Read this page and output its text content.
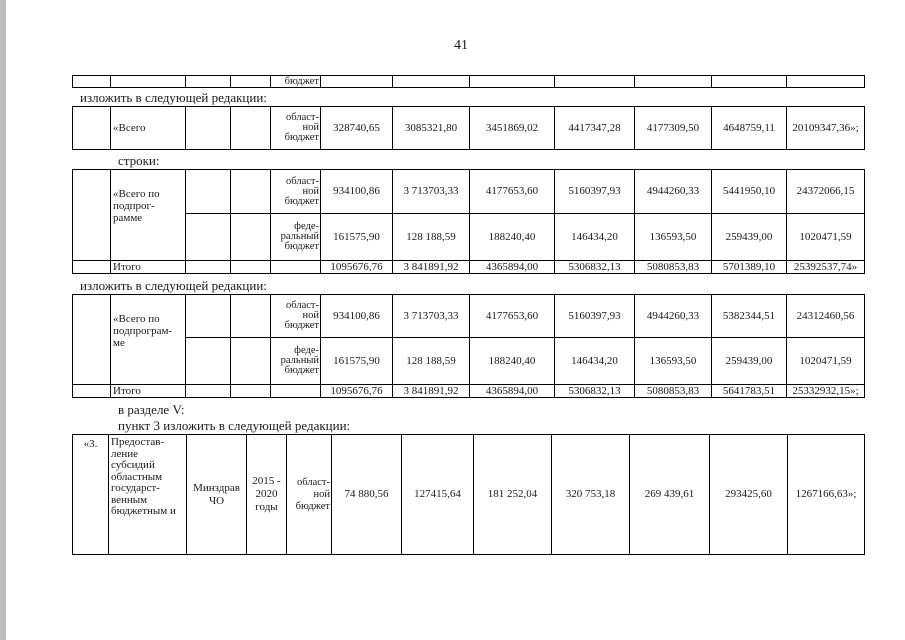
41
				бюджет							
изложить в следующей редакции:
	«Всего			област-ной бюджет	328740,65	3085321,80	3451869,02	4417347,28	4177309,50	4648759,11	20109347,36»;
строки:
	«Всего по подпрог-рамме			област-ной бюджет	934100,86	3 713703,33	4177653,60	5160397,93	4944260,33	5441950,10	24372066,15
				феде-ральный бюджет	161575,90	128 188,59	188240,40	146434,20	136593,50	259439,00	1020471,59
	Итого				1095676,76	3 841891,92	4365894,00	5306832,13	5080853,83	5701389,10	25392537,74»
изложить в следующей редакции:
	«Всего по подпрограм-ме			област-ной бюджет	934100,86	3 713703,33	4177653,60	5160397,93	4944260,33	5382344,51	24312460,56
				феде-ральный бюджет	161575,90	128 188,59	188240,40	146434,20	136593,50	259439,00	1020471,59
	Итого				1095676,76	3 841891,92	4365894,00	5306832,13	5080853,83	5641783,51	25332932,15»;
в разделе V:
пункт 3 изложить в следующей редакции:
«3.	Предостав-ление субсидий областным государст-венным бюджетным и	Минздрав ЧО	2015 - 2020 годы	област-ной бюджет	74 880,56	127415,64	181 252,04	320 753,18	269 439,61	293425,60	1267166,63»;
